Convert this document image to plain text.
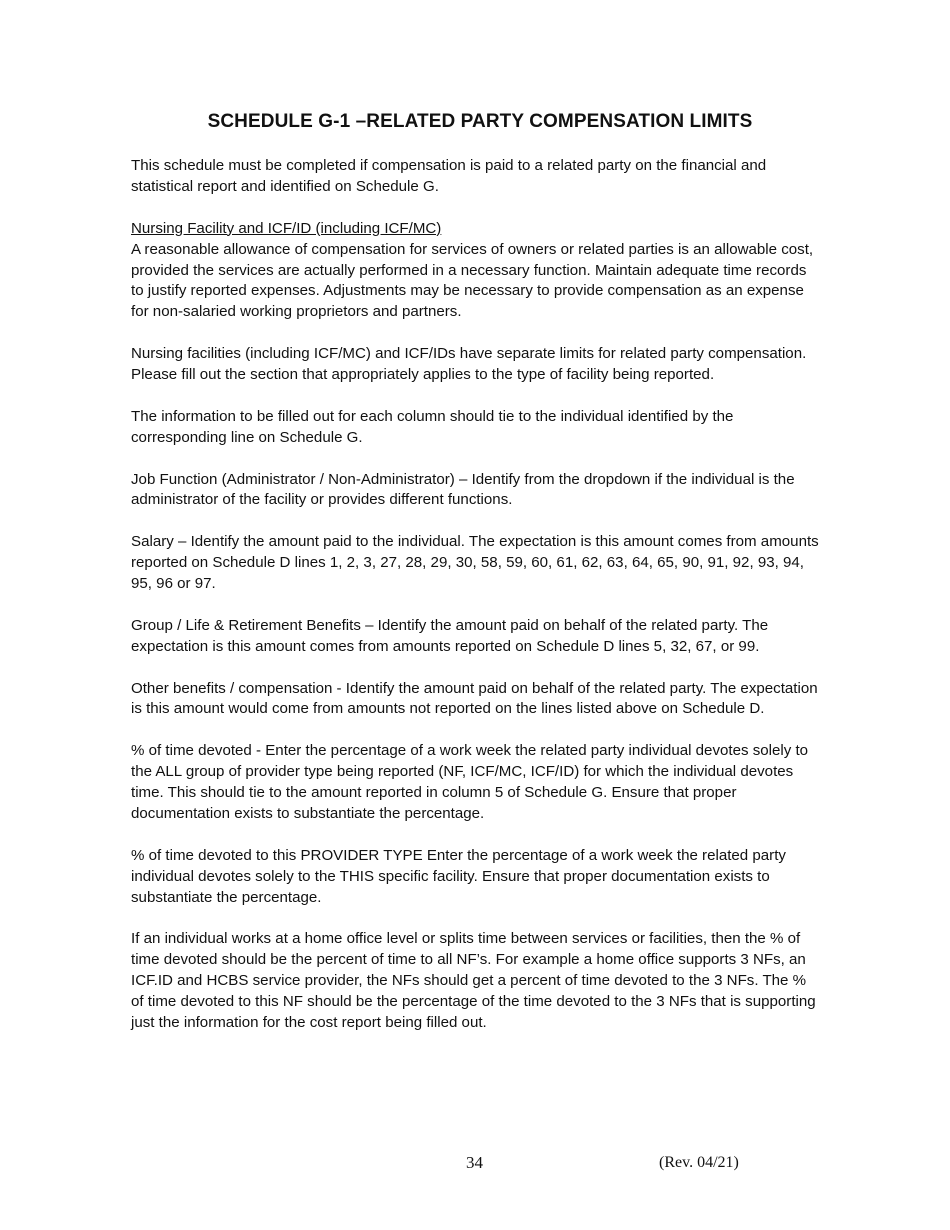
SCHEDULE G-1 –RELATED PARTY COMPENSATION LIMITS

This schedule must be completed if compensation is paid to a related party on the financial and statistical report and identified on Schedule G.

Nursing Facility and ICF/ID (including ICF/MC)

A reasonable allowance of compensation for services of owners or related parties is an allowable cost, provided the services are actually performed in a necessary function. Maintain adequate time records to justify reported expenses. Adjustments may be necessary to provide compensation as an expense for non-salaried working proprietors and partners.

Nursing facilities (including ICF/MC) and ICF/IDs have separate limits for related party compensation. Please fill out the section that appropriately applies to the type of facility being reported.

The information to be filled out for each column should tie to the individual identified by the corresponding line on Schedule G.

Job Function (Administrator / Non-Administrator) – Identify from the dropdown if the individual is the administrator of the facility or provides different functions.

Salary – Identify the amount paid to the individual. The expectation is this amount comes from amounts reported on Schedule D lines 1, 2, 3, 27, 28, 29, 30, 58, 59, 60, 61, 62, 63, 64, 65, 90, 91, 92, 93, 94, 95, 96 or 97.

Group / Life & Retirement Benefits – Identify the amount paid on behalf of the related party. The expectation is this amount comes from amounts reported on Schedule D lines 5, 32, 67, or 99.

Other benefits / compensation - Identify the amount paid on behalf of the related party. The expectation is this amount would come from amounts not reported on the lines listed above on Schedule D.

% of time devoted - Enter the percentage of a work week the related party individual devotes solely to the ALL group of provider type being reported (NF, ICF/MC, ICF/ID) for which the individual devotes time. This should tie to the amount reported in column 5 of Schedule G. Ensure that proper documentation exists to substantiate the percentage.

% of time devoted to this PROVIDER TYPE Enter the percentage of a work week the related party individual devotes solely to the THIS specific facility. Ensure that proper documentation exists to substantiate the percentage.

If an individual works at a home office level or splits time between services or facilities, then the % of time devoted should be the percent of time to all NF’s. For example a home office supports 3 NFs, an ICF.ID and HCBS service provider, the NFs should get a percent of time devoted to the 3 NFs. The % of time devoted to this NF should be the percentage of the time devoted to the 3 NFs that is supporting just the information for the cost report being filled out.

34	(Rev. 04/21)
